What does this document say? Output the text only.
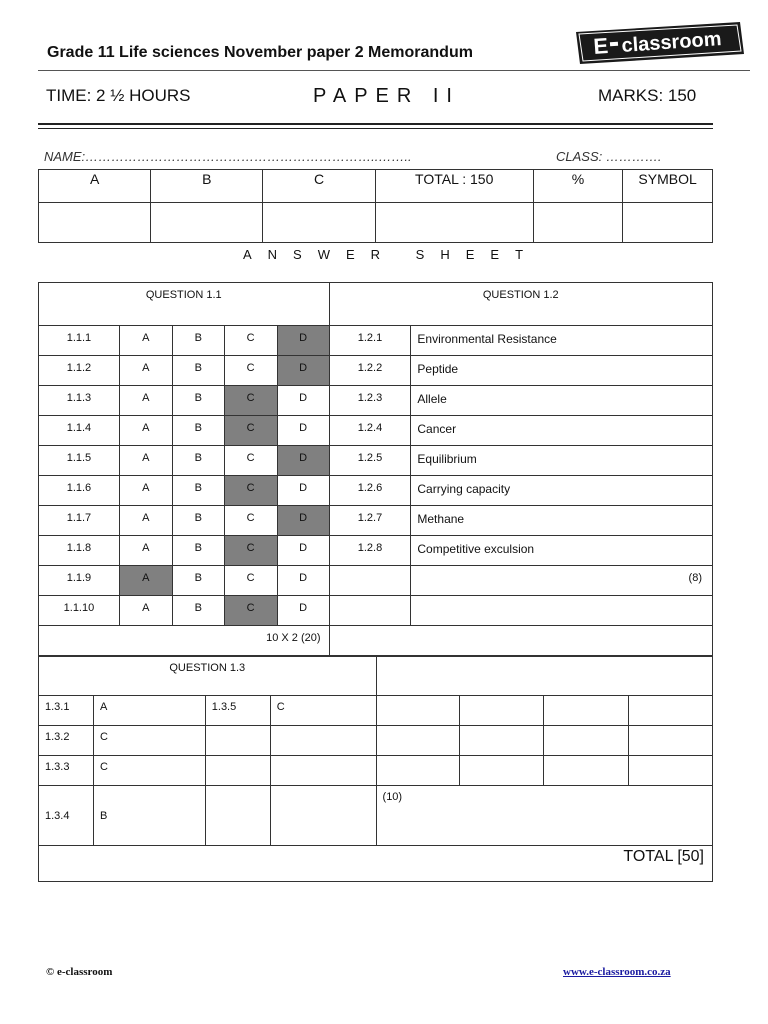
Grade 11 Life sciences November paper 2 Memorandum	E classroom
TIME: 2 ½ HOURS	PAPER II	MARKS: 150
NAME:…………………………………………………………..……..	CLASS: ………….
A	B	C	TOTAL : 150	%	SYMBOL

ANSWER SHEET
QUESTION 1.1					QUESTION 1.2	
1.1.1	A	B	C	D	1.2.1	Environmental Resistance
1.1.2	A	B	C	D	1.2.2	Peptide
1.1.3	A	B	C	D	1.2.3	Allele
1.1.4	A	B	C	D	1.2.4	Cancer
1.1.5	A	B	C	D	1.2.5	Equilibrium
1.1.6	A	B	C	D	1.2.6	Carrying capacity
1.1.7	A	B	C	D	1.2.7	Methane
1.1.8	A	B	C	D	1.2.8	Competitive exculsion
1.1.9	A	B	C	D		(8)
1.1.10	A	B	C	D		
10 X 2 (20)						
QUESTION 1.3							
1.3.1	A	1.3.5	C				
1.3.2	C						
1.3.3	C						
1.3.4	B			(10)			
TOTAL [50]							
© e-classroom	www.e-classroom.co.za
